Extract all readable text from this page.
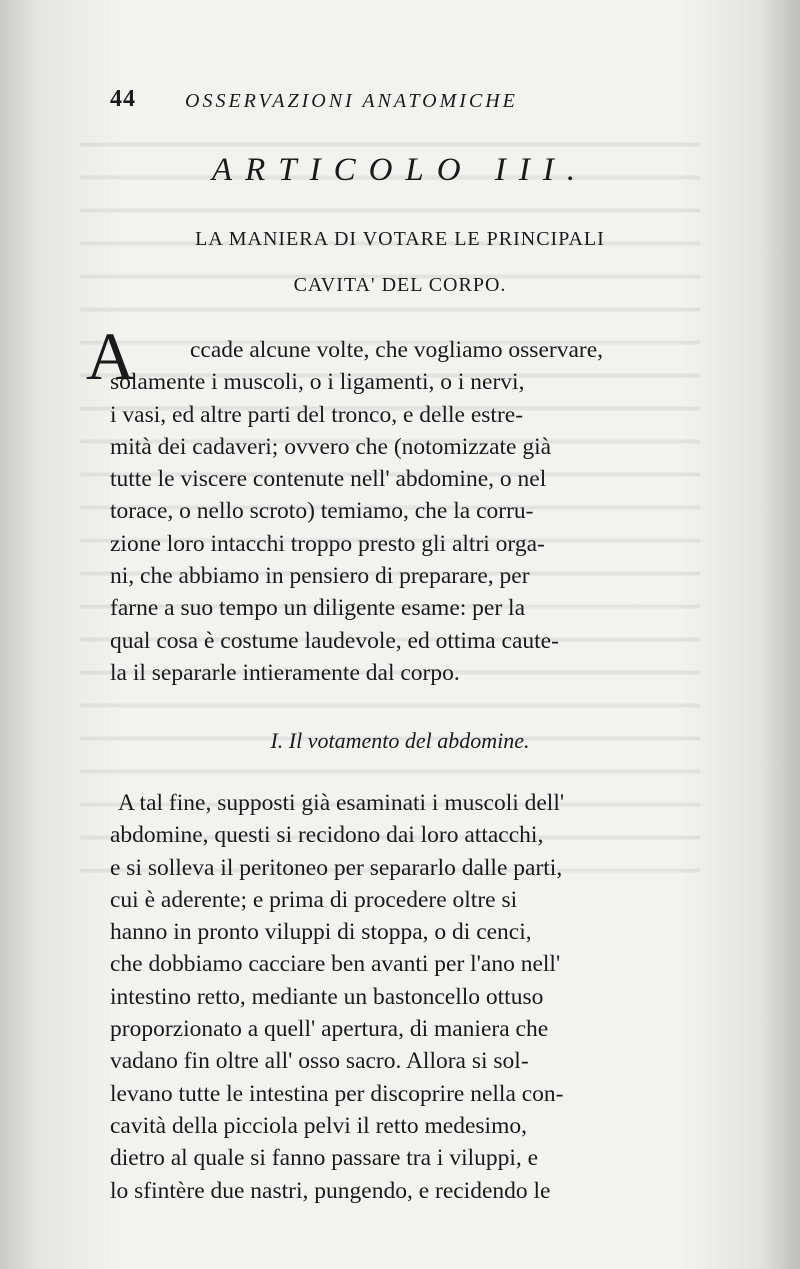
44 OSSERVAZIONI ANATOMICHE
ARTICOLO III.
LA MANIERA DI VOTARE LE PRINCIPALI
CAVITA' DEL CORPO.
A	ccade alcune volte, che vogliamo osservare,
solamente i muscoli, o i ligamenti, o i nervi,
i vasi, ed altre parti del tronco, e delle estre-
mità dei cadaveri; ovvero che (notomizzate già
tutte le viscere contenute nell' abdomine, o nel
torace, o nello scroto) temiamo, che la corru-
zione loro intacchi troppo presto gli altri orga-
ni, che abbiamo in pensiero di preparare, per
farne a suo tempo un diligente esame: per la
qual cosa è costume laudevole, ed ottima caute-
la il separarle intieramente dal corpo.
I. Il votamento del abdomine.
A tal fine, supposti già esaminati i muscoli dell'
abdomine, questi si recidono dai loro attacchi,
e si solleva il peritoneo per separarlo dalle parti,
cui è aderente; e prima di procedere oltre si
hanno in pronto viluppi di stoppa, o di cenci,
che dobbiamo cacciare ben avanti per l'ano nell'
intestino retto, mediante un bastoncello ottuso
proporzionato a quell' apertura, di maniera che
vadano fin oltre all' osso sacro. Allora si sol-
levano tutte le intestina per discoprire nella con-
cavità della picciola pelvi il retto medesimo,
dietro al quale si fanno passare tra i viluppi, e
lo sfintère due nastri, pungendo, e recidendo le
